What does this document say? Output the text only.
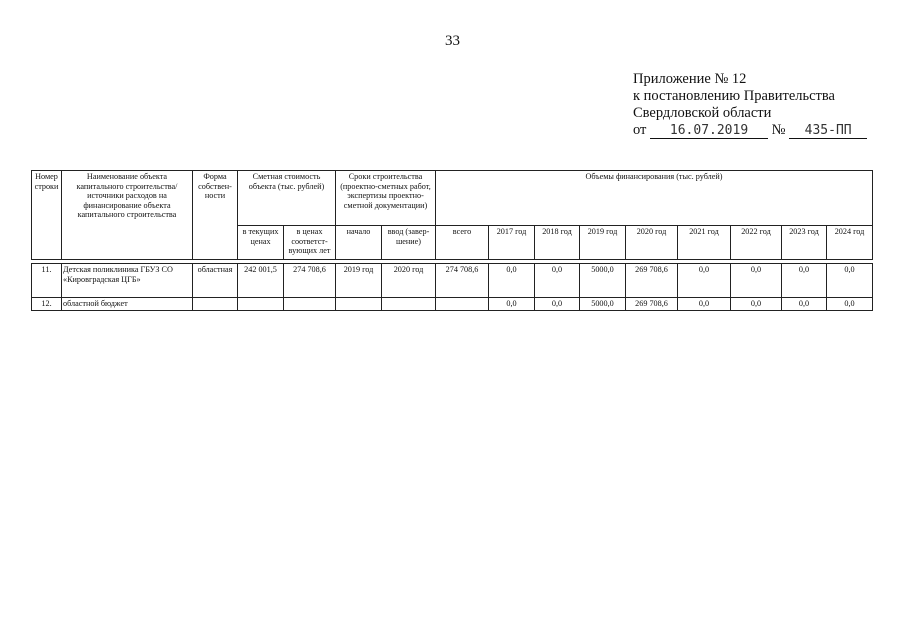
33
Приложение № 12
к постановлению Правительства
Свердловской области
от 16.07.2019 № 435-ПП
Номер строки	Наименование объекта капитального строительства/ источники расходов на финансирование объекта капитального строительства	Форма собствен-ности	Сметная стоимость объекта (тыс. рублей)		Сроки строительства (проектно-сметных работ, экспертизы проектно-сметной документации)		Объемы финансирования (тыс. рублей)								
			в текущих ценах	в ценах соответст-вующих лет	начало	ввод (завер-шение)	всего	2017 год	2018 год	2019 год	2020 год	2021 год	2022 год	2023 год	2024 год

11.	Детская поликлиника ГБУЗ СО «Кировградская ЦГБ»	областная	242 001,5	274 708,6	2019 год	2020 год	274 708,6	0,0	0,0	5000,0	269 708,6	0,0	0,0	0,0	0,0
12.	областной бюджет							0,0	0,0	5000,0	269 708,6	0,0	0,0	0,0	0,0
